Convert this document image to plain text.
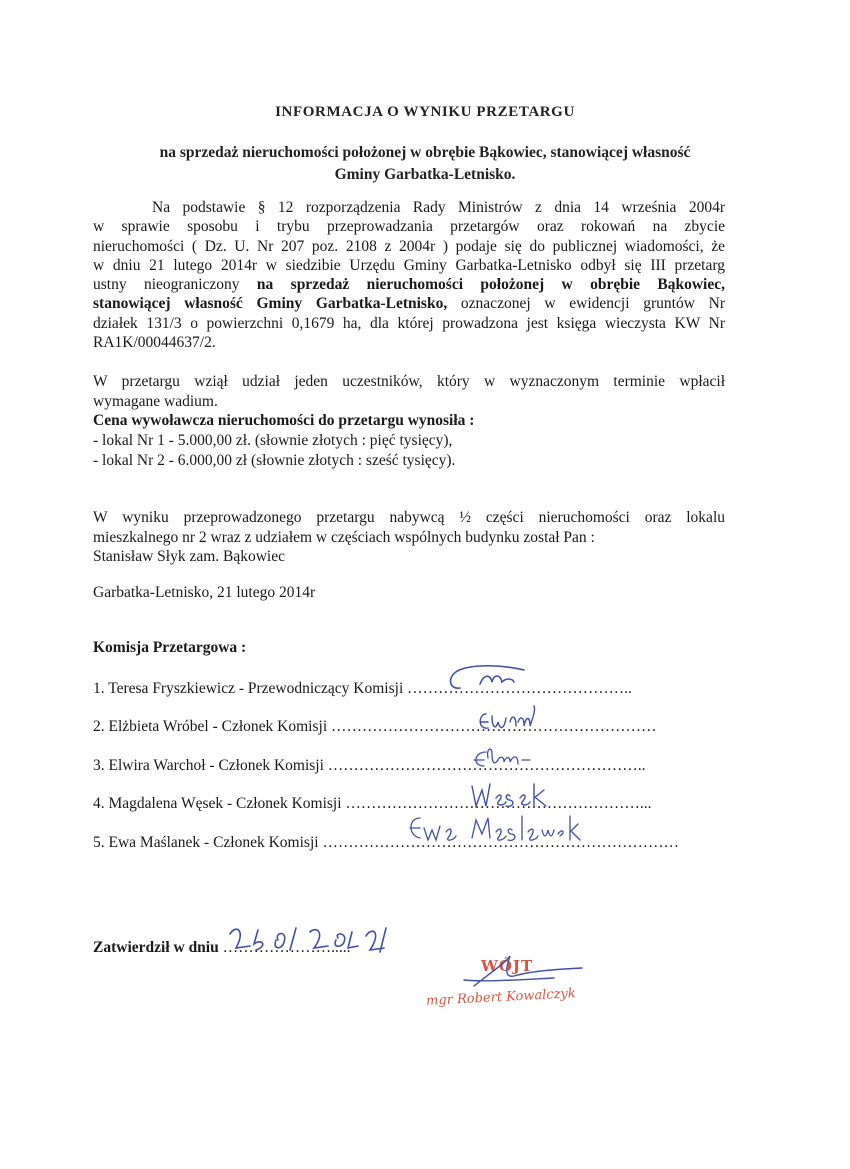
INFORMACJA O WYNIKU PRZETARGU
na sprzedaż nieruchomości położonej w obrębie Bąkowiec, stanowiącej własność
Gminy Garbatka-Letnisko.
Na podstawie § 12 rozporządzenia Rady Ministrów z dnia 14 września 2004r
w sprawie sposobu i trybu przeprowadzania przetargów oraz rokowań na zbycie
nieruchomości ( Dz. U. Nr 207 poz. 2108 z 2004r ) podaje się do publicznej wiadomości, że
w dniu 21 lutego 2014r w siedzibie Urzędu Gminy Garbatka-Letnisko odbył się III przetarg
ustny nieograniczony na sprzedaż nieruchomości położonej w obrębie Bąkowiec,
stanowiącej własność Gminy Garbatka-Letnisko, oznaczonej w ewidencji gruntów Nr
działek 131/3 o powierzchni 0,1679 ha, dla której prowadzona jest księga wieczysta KW Nr
RA1K/00044637/2.
W przetargu wziął udział jeden uczestników, który w wyznaczonym terminie wpłacił
wymagane wadium.
Cena wywoławcza nieruchomości do przetargu wynosiła :
- lokal Nr 1 - 5.000,00 zł. (słownie złotych : pięć tysięcy),
- lokal Nr 2 - 6.000,00 zł (słownie złotych : sześć tysięcy).
W wyniku przeprowadzonego przetargu nabywcą ½ części nieruchomości oraz lokalu
mieszkalnego nr 2 wraz z udziałem w częściach wspólnych budynku został Pan :
Stanisław Słyk zam. Bąkowiec
Garbatka-Letnisko, 21 lutego 2014r
Komisja Przetargowa :
1. Teresa Fryszkiewicz - Przewodniczący Komisji ……………………………………..
2. Elżbieta Wróbel - Członek Komisji ………………………………………………………
3. Elwira Warchoł - Członek Komisji ……………………………………………………..
4. Magdalena Węsek - Członek Komisji …………………………………………………...
5. Ewa Maślanek - Członek Komisji ……………………………………………………………
Zatwierdził w dniu ………………….....
WÓJT
mgr Robert Kowalczyk
